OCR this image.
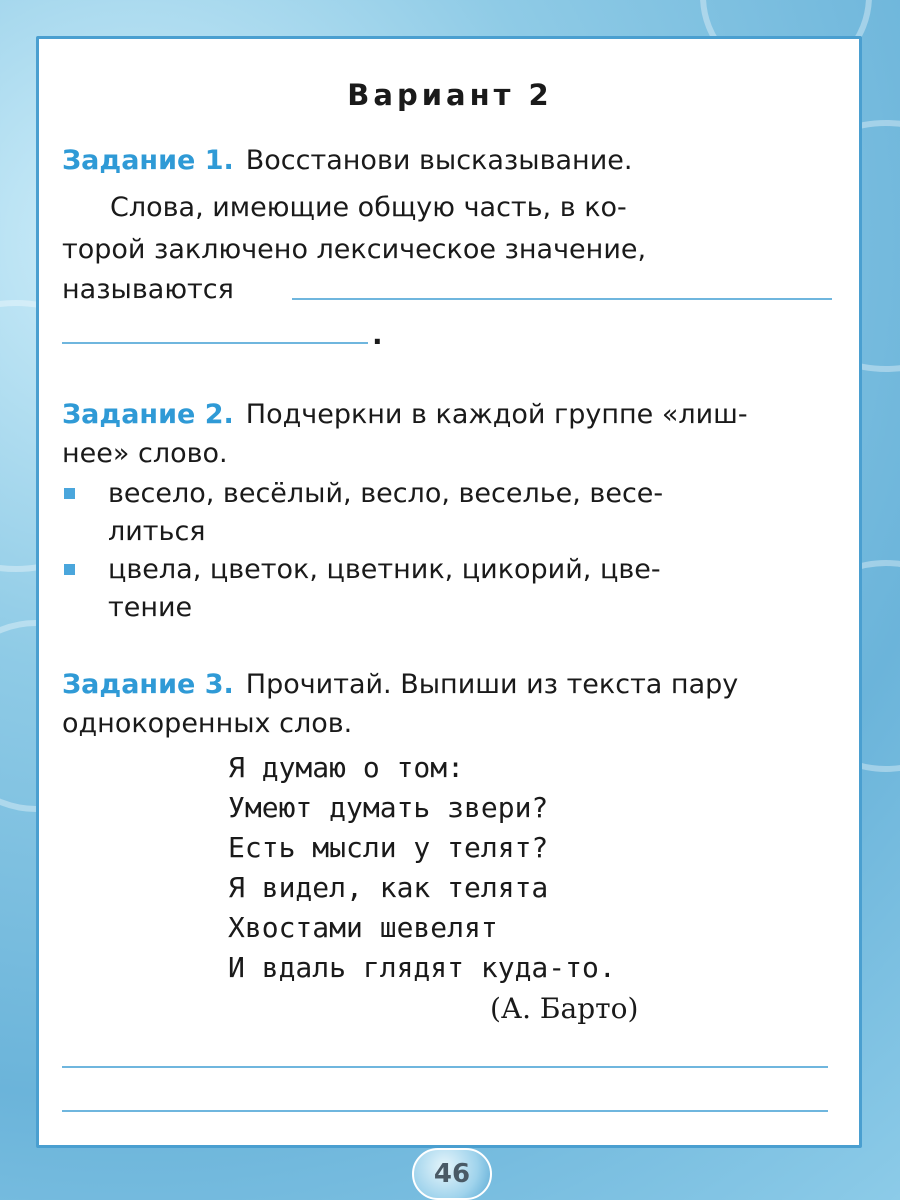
Вариант 2
Задание 1. Восстанови высказывание.
Слова, имеющие общую часть, в ко-
торой заключено лексическое значение,
называются
.
Задание 2. Подчеркни в каждой группе «лиш-
нее» слово.
весело, весёлый, весло, веселье, весе-
литься
цвела, цветок, цветник, цикорий, цве-
тение
Задание 3. Прочитай. Выпиши из текста пару
однокоренных слов.
Я думаю о том:
Умеют думать звери?
Есть мысли у телят?
Я видел, как телята
Хвостами шевелят
И вдаль глядят куда-то.
(А. Барто)
46
